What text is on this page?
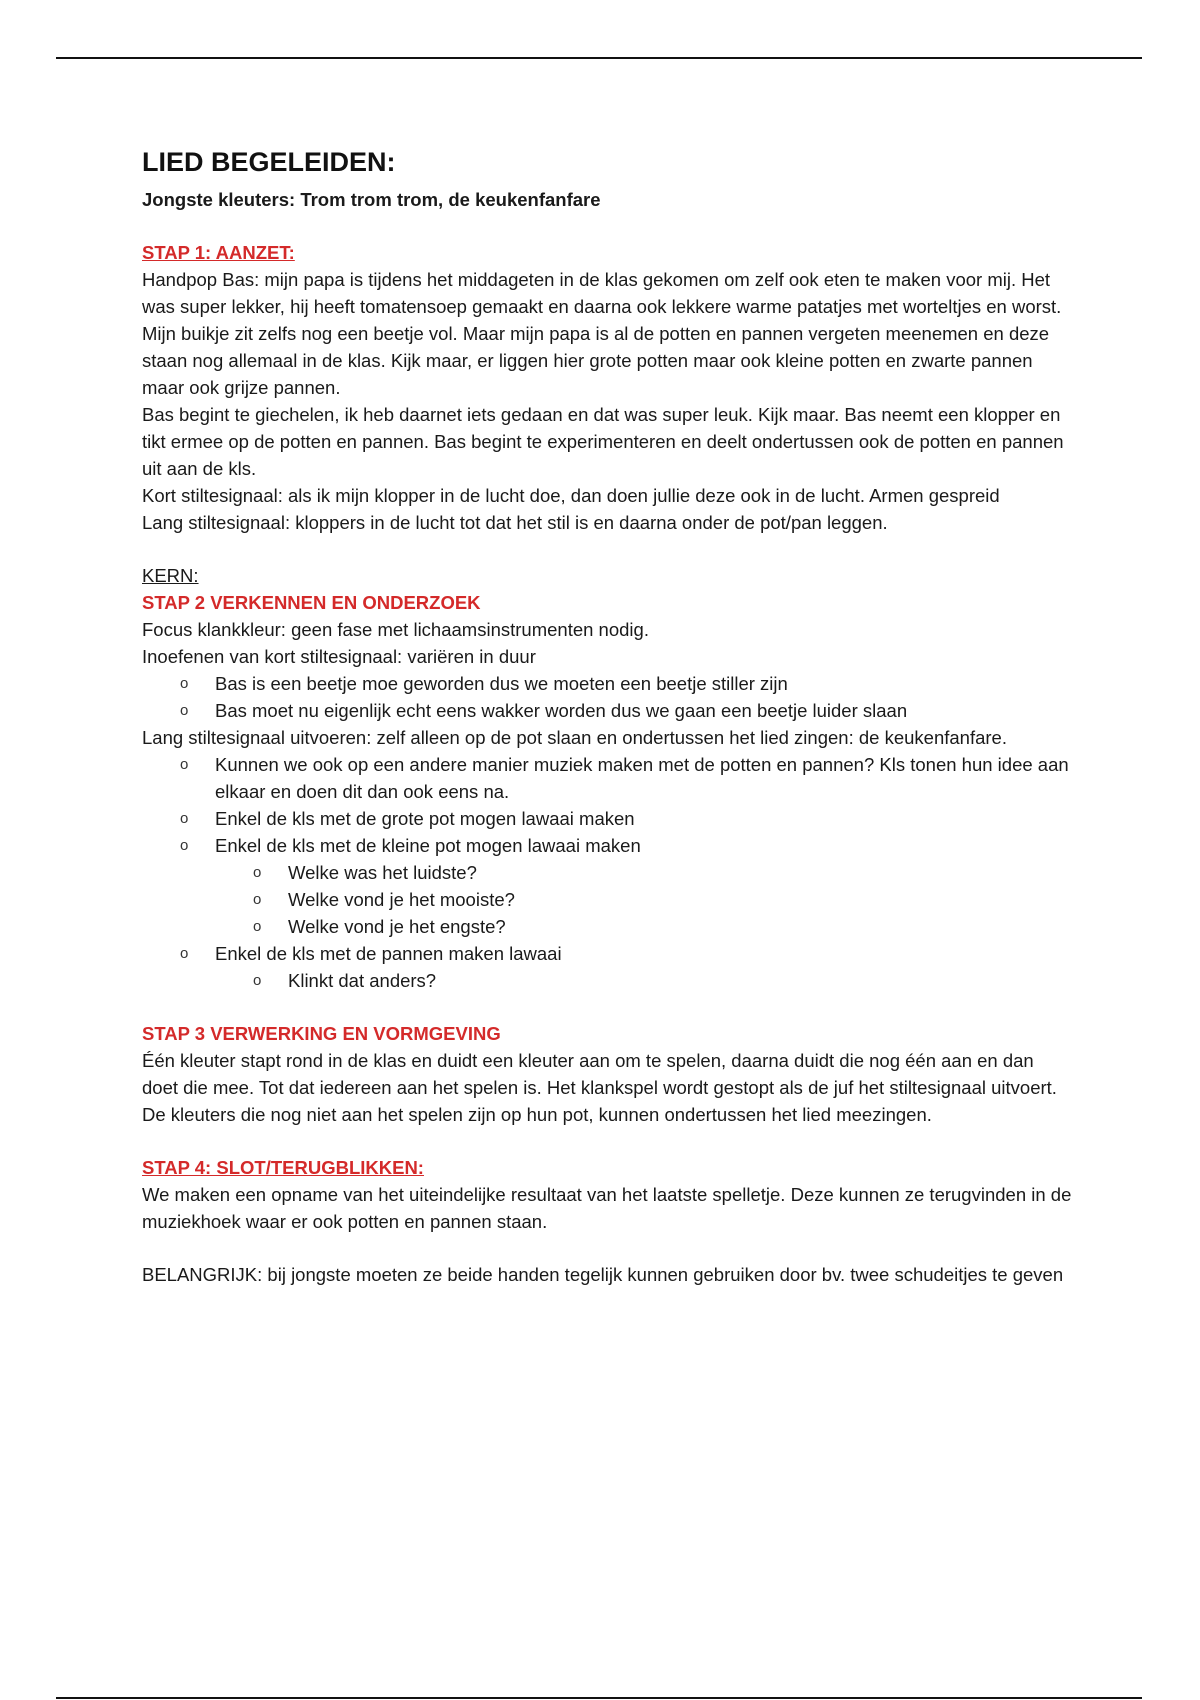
LIED BEGELEIDEN:

Jongste kleuters: Trom trom trom, de keukenfanfare

STAP 1: AANZET:

Handpop Bas: mijn papa is tijdens het middageten in de klas gekomen om zelf ook eten te maken voor mij. Het was super lekker, hij heeft tomatensoep gemaakt en daarna ook lekkere warme patatjes met worteltjes en worst. Mijn buikje zit zelfs nog een beetje vol. Maar mijn papa is al de potten en pannen vergeten meenemen en deze staan nog allemaal in de klas. Kijk maar, er liggen hier grote potten maar ook kleine potten en zwarte pannen maar ook grijze pannen.

Bas begint te giechelen, ik heb daarnet iets gedaan en dat was super leuk. Kijk maar. Bas neemt een klopper en tikt ermee op de potten en pannen. Bas begint te experimenteren en deelt ondertussen ook de potten en pannen uit aan de kls.

Kort stiltesignaal: als ik mijn klopper in de lucht doe, dan doen jullie deze ook in de lucht. Armen gespreid

Lang stiltesignaal: kloppers in de lucht tot dat het stil is en daarna onder de pot/pan leggen.

KERN:

STAP 2 VERKENNEN EN ONDERZOEK

Focus klankkleur: geen fase met lichaamsinstrumenten nodig.

Inoefenen van kort stiltesignaal: variëren in duur

o Bas is een beetje moe geworden dus we moeten een beetje stiller zijn
o Bas moet nu eigenlijk echt eens wakker worden dus we gaan een beetje luider slaan

Lang stiltesignaal uitvoeren: zelf alleen op de pot slaan en ondertussen het lied zingen: de keukenfanfare.

o Kunnen we ook op een andere manier muziek maken met de potten en pannen? Kls tonen hun idee aan elkaar en doen dit dan ook eens na.
o Enkel de kls met de grote pot mogen lawaai maken
o Enkel de kls met de kleine pot mogen lawaai maken
o Welke was het luidste?
o Welke vond je het mooiste?
o Welke vond je het engste?
o Enkel de kls met de pannen maken lawaai
o Klinkt dat anders?

STAP 3 VERWERKING EN VORMGEVING

Één kleuter stapt rond in de klas en duidt een kleuter aan om te spelen, daarna duidt die nog één aan en dan doet die mee. Tot dat iedereen aan het spelen is. Het klankspel wordt gestopt als de juf het stiltesignaal uitvoert.

De kleuters die nog niet aan het spelen zijn op hun pot, kunnen ondertussen het lied meezingen.

STAP 4: SLOT/TERUGBLIKKEN:

We maken een opname van het uiteindelijke resultaat van het laatste spelletje. Deze kunnen ze terugvinden in de muziekhoek waar er ook potten en pannen staan.

BELANGRIJK: bij jongste moeten ze beide handen tegelijk kunnen gebruiken door bv. twee schudeitjes te geven
